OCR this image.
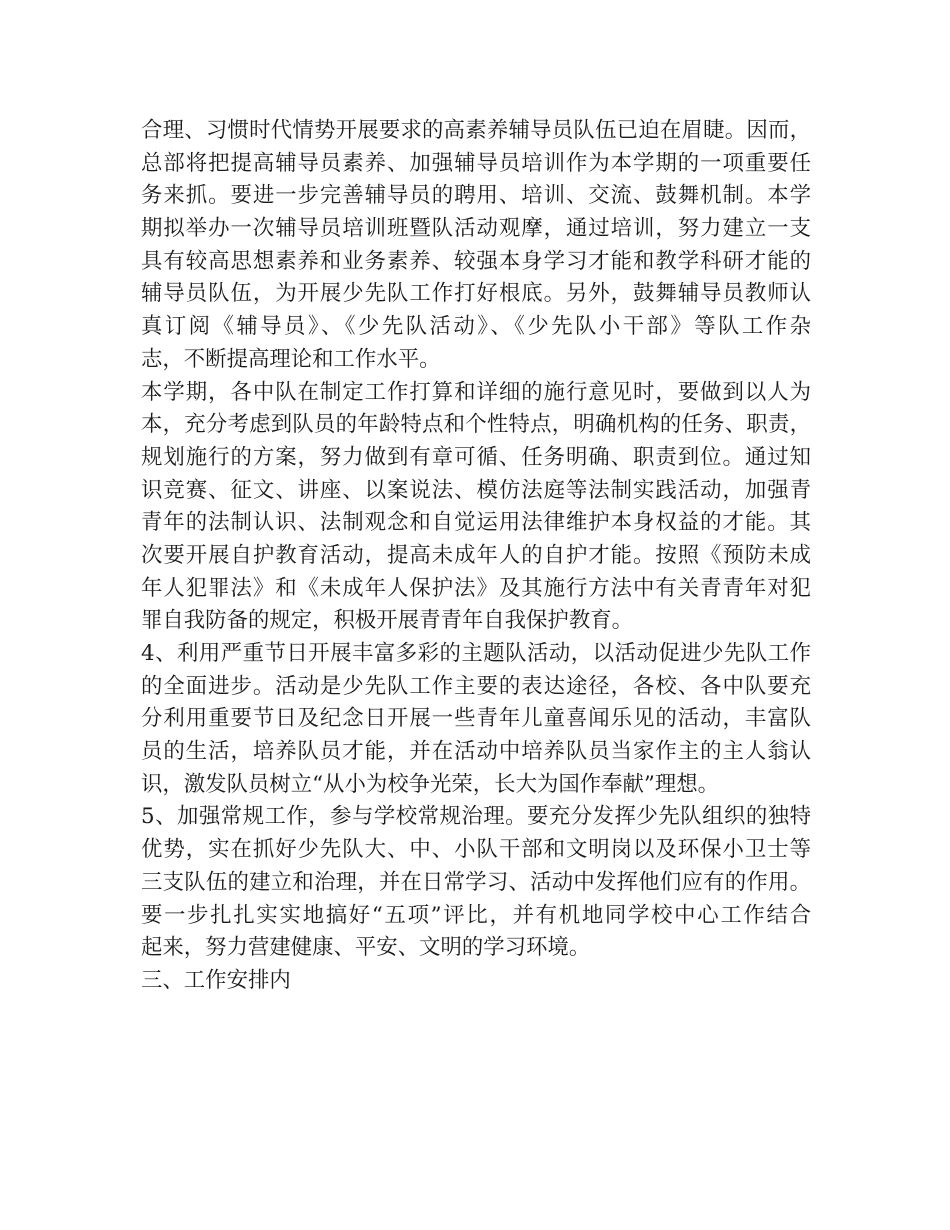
合理、习惯时代情势开展要求的高素养辅导员队伍已迫在眉睫。因而，
总部将把提高辅导员素养、加强辅导员培训作为本学期的一项重要任
务来抓。要进一步完善辅导员的聘用、培训、交流、鼓舞机制。本学
期拟举办一次辅导员培训班暨队活动观摩，通过培训，努力建立一支
具有较高思想素养和业务素养、较强本身学习才能和教学科研才能的
辅导员队伍，为开展少先队工作打好根底。另外，鼓舞辅导员教师认
真订阅《辅导员》、《少先队活动》、《少先队小干部》等队工作杂
志，不断提高理论和工作水平。
本学期，各中队在制定工作打算和详细的施行意见时，要做到以人为
本，充分考虑到队员的年龄特点和个性特点，明确机构的任务、职责，
规划施行的方案，努力做到有章可循、任务明确、职责到位。通过知
识竞赛、征文、讲座、以案说法、模仿法庭等法制实践活动，加强青
青年的法制认识、法制观念和自觉运用法律维护本身权益的才能。其
次要开展自护教育活动，提高未成年人的自护才能。按照《预防未成
年人犯罪法》和《未成年人保护法》及其施行方法中有关青青年对犯
罪自我防备的规定，积极开展青青年自我保护教育。
4、利用严重节日开展丰富多彩的主题队活动，以活动促进少先队工作
的全面进步。活动是少先队工作主要的表达途径，各校、各中队要充
分利用重要节日及纪念日开展一些青年儿童喜闻乐见的活动，丰富队
员的生活，培养队员才能，并在活动中培养队员当家作主的主人翁认
识，激发队员树立“从小为校争光荣，长大为国作奉献”理想。
5、加强常规工作，参与学校常规治理。要充分发挥少先队组织的独特
优势，实在抓好少先队大、中、小队干部和文明岗以及环保小卫士等
三支队伍的建立和治理，并在日常学习、活动中发挥他们应有的作用。
要一步扎扎实实地搞好“五项”评比，并有机地同学校中心工作结合
起来，努力营建健康、平安、文明的学习环境。
三、工作安排内
